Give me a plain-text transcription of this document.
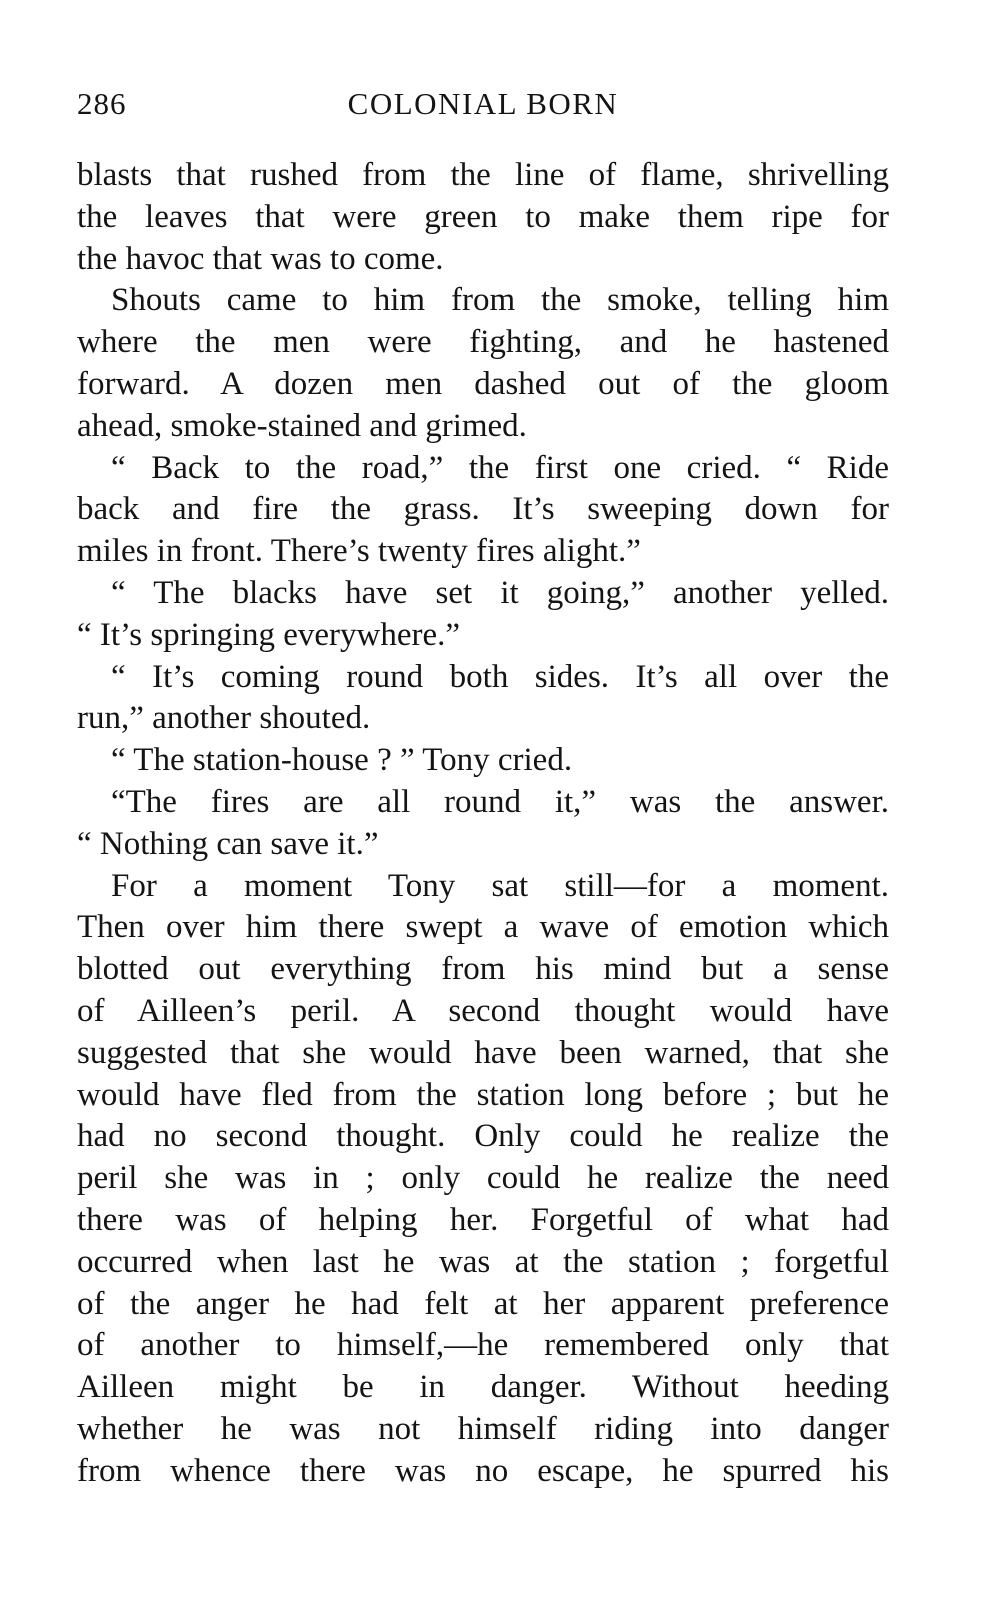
286	COLONIAL BORN
blasts that rushed from the line of flame, shrivelling
the leaves that were green to make them ripe for
the havoc that was to come.
Shouts came to him from the smoke, telling him
where the men were fighting, and he hastened
forward. A dozen men dashed out of the gloom
ahead, smoke-stained and grimed.
“ Back to the road,” the first one cried. “ Ride
back and fire the grass. It’s sweeping down for
miles in front. There’s twenty fires alight.”
“ The blacks have set it going,” another yelled.
“ It’s springing everywhere.”
“ It’s coming round both sides. It’s all over the
run,” another shouted.
“ The station-house ? ” Tony cried.
“The fires are all round it,” was the answer.
“ Nothing can save it.”
For a moment Tony sat still—for a moment.
Then over him there swept a wave of emotion which
blotted out everything from his mind but a sense
of Ailleen’s peril. A second thought would have
suggested that she would have been warned, that she
would have fled from the station long before ; but he
had no second thought. Only could he realize the
peril she was in ; only could he realize the need
there was of helping her. Forgetful of what had
occurred when last he was at the station ; forgetful
of the anger he had felt at her apparent preference
of another to himself,—he remembered only that
Ailleen might be in danger. Without heeding
whether he was not himself riding into danger
from whence there was no escape, he spurred his
